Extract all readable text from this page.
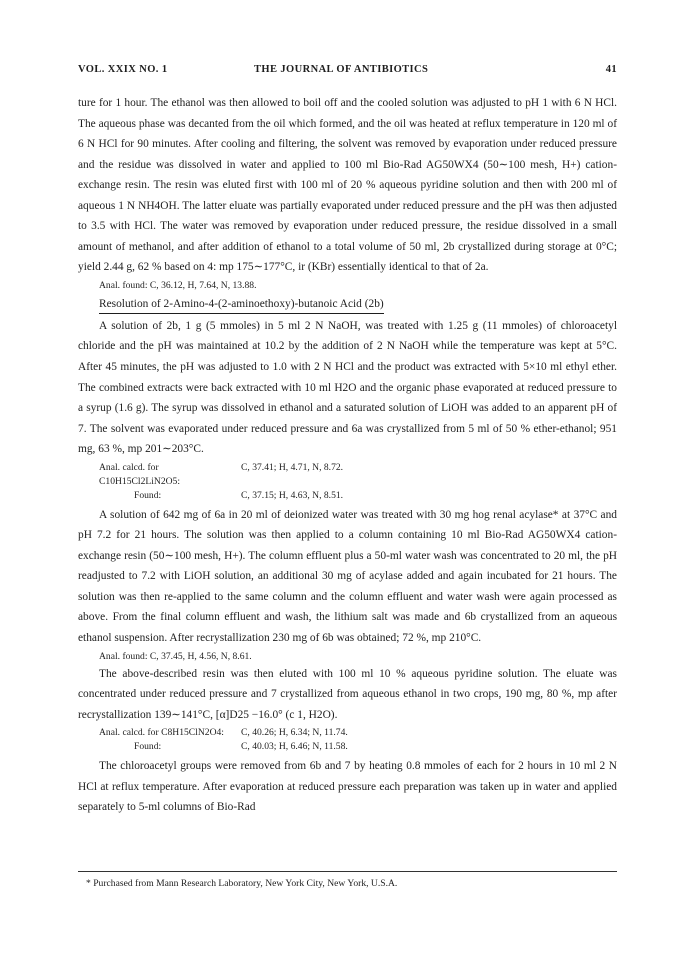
VOL. XXIX NO. 1	THE JOURNAL OF ANTIBIOTICS	41

ture for 1 hour. The ethanol was then allowed to boil off and the cooled solution was adjusted to pH 1 with 6 N HCl. The aqueous phase was decanted from the oil which formed, and the oil was heated at reflux temperature in 120 ml of 6 N HCl for 90 minutes. After cooling and filtering, the solvent was removed by evaporation under reduced pressure and the residue was dissolved in water and applied to 100 ml Bio-Rad AG50WX4 (50∼100 mesh, H+) cation-exchange resin. The resin was eluted first with 100 ml of 20 % aqueous pyridine solution and then with 200 ml of aqueous 1 N NH4OH. The latter eluate was partially evaporated under reduced pressure and the pH was then adjusted to 3.5 with HCl. The water was removed by evaporation under reduced pressure, the residue dissolved in a small amount of methanol, and after addition of ethanol to a total volume of 50 ml, 2b crystallized during storage at 0°C; yield 2.44 g, 62 % based on 4: mp 175∼177°C, ir (KBr) essentially identical to that of 2a.

Anal. found: C, 36.12, H, 7.64, N, 13.88.

Resolution of 2-Amino-4-(2-aminoethoxy)-butanoic Acid (2b)

A solution of 2b, 1 g (5 mmoles) in 5 ml 2 N NaOH, was treated with 1.25 g (11 mmoles) of chloroacetyl chloride and the pH was maintained at 10.2 by the addition of 2 N NaOH while the temperature was kept at 5°C. After 45 minutes, the pH was adjusted to 1.0 with 2 N HCl and the product was extracted with 5×10 ml ethyl ether. The combined extracts were back extracted with 10 ml H2O and the organic phase evaporated at reduced pressure to a syrup (1.6 g). The syrup was dissolved in ethanol and a saturated solution of LiOH was added to an apparent pH of 7. The solvent was evaporated under reduced pressure and 6a was crystallized from 5 ml of 50 % ether-ethanol; 951 mg, 63 %, mp 201∼203°C.

Anal. calcd. for C10H15Cl2LiN2O5:
C, 37.41; H, 4.71, N, 8.72.
Found:	C, 37.15; H, 4.63, N, 8.51.

A solution of 642 mg of 6a in 20 ml of deionized water was treated with 30 mg hog renal acylase* at 37°C and pH 7.2 for 21 hours. The solution was then applied to a column containing 10 ml Bio-Rad AG50WX4 cation-exchange resin (50∼100 mesh, H+). The column effluent plus a 50-ml water wash was concentrated to 20 ml, the pH readjusted to 7.2 with LiOH solution, an additional 30 mg of acylase added and again incubated for 21 hours. The solution was then re-applied to the same column and the column effluent and water wash were again processed as above. From the final column effluent and wash, the lithium salt was made and 6b crystallized from an aqueous ethanol suspension. After recrystallization 230 mg of 6b was obtained; 72 %, mp 210°C.

Anal. found: C, 37.45, H, 4.56, N, 8.61.

The above-described resin was then eluted with 100 ml 10 % aqueous pyridine solution. The eluate was concentrated under reduced pressure and 7 crystallized from aqueous ethanol in two crops, 190 mg, 80 %, mp after recrystallization 139∼141°C, [α]D25 −16.0° (c 1, H2O).

Anal. calcd. for C8H15ClN2O4:	C, 40.26; H, 6.34; N, 11.74.
Found:	C, 40.03; H, 6.46; N, 11.58.

The chloroacetyl groups were removed from 6b and 7 by heating 0.8 mmoles of each for 2 hours in 10 ml 2 N HCl at reflux temperature. After evaporation at reduced pressure each preparation was taken up in water and applied separately to 5-ml columns of Bio-Rad

* Purchased from Mann Research Laboratory, New York City, New York, U.S.A.
